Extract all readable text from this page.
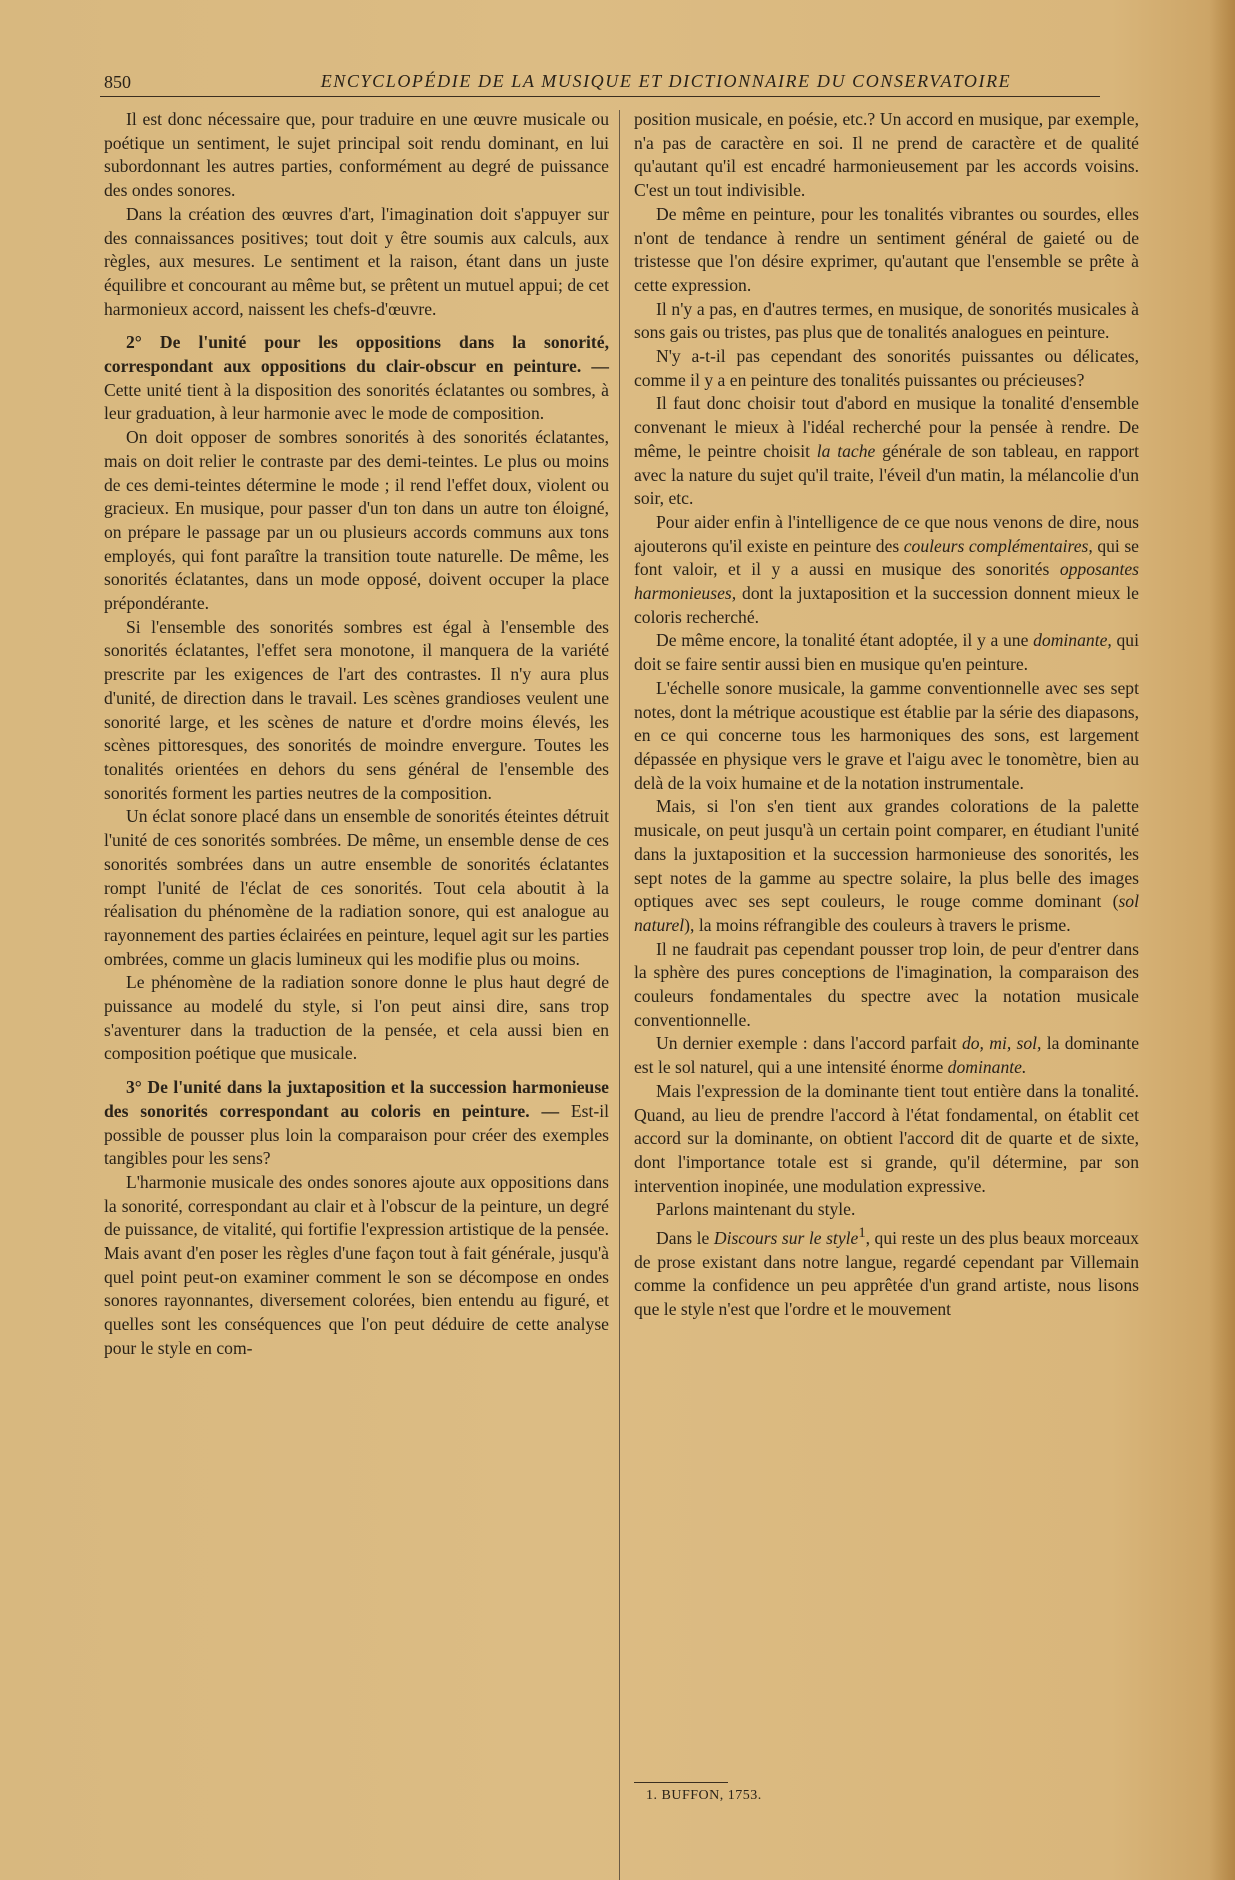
850	ENCYCLOPÉDIE DE LA MUSIQUE ET DICTIONNAIRE DU CONSERVATOIRE

Il est donc nécessaire que, pour traduire en une œuvre musicale ou poétique un sentiment, le sujet principal soit rendu dominant, en lui subordonnant les autres parties, conformément au degré de puissance des ondes sonores.

Dans la création des œuvres d'art, l'imagination doit s'appuyer sur des connaissances positives; tout doit y être soumis aux calculs, aux règles, aux mesures. Le sentiment et la raison, étant dans un juste équilibre et concourant au même but, se prêtent un mutuel appui; de cet harmonieux accord, naissent les chefs-d'œuvre.

2° De l'unité pour les oppositions dans la sonorité, correspondant aux oppositions du clair-obscur en peinture. — Cette unité tient à la disposition des sonorités éclatantes ou sombres, à leur graduation, à leur harmonie avec le mode de composition.

On doit opposer de sombres sonorités à des sonorités éclatantes, mais on doit relier le contraste par des demi-teintes. Le plus ou moins de ces demi-teintes détermine le mode ; il rend l'effet doux, violent ou gracieux. En musique, pour passer d'un ton dans un autre ton éloigné, on prépare le passage par un ou plusieurs accords communs aux tons employés, qui font paraître la transition toute naturelle. De même, les sonorités éclatantes, dans un mode opposé, doivent occuper la place prépondérante.

Si l'ensemble des sonorités sombres est égal à l'ensemble des sonorités éclatantes, l'effet sera monotone, il manquera de la variété prescrite par les exigences de l'art des contrastes. Il n'y aura plus d'unité, de direction dans le travail. Les scènes grandioses veulent une sonorité large, et les scènes de nature et d'ordre moins élevés, les scènes pittoresques, des sonorités de moindre envergure. Toutes les tonalités orientées en dehors du sens général de l'ensemble des sonorités forment les parties neutres de la composition.

Un éclat sonore placé dans un ensemble de sonorités éteintes détruit l'unité de ces sonorités sombrées. De même, un ensemble dense de ces sonorités sombrées dans un autre ensemble de sonorités éclatantes rompt l'unité de l'éclat de ces sonorités. Tout cela aboutit à la réalisation du phénomène de la radiation sonore, qui est analogue au rayonnement des parties éclairées en peinture, lequel agit sur les parties ombrées, comme un glacis lumineux qui les modifie plus ou moins.

Le phénomène de la radiation sonore donne le plus haut degré de puissance au modelé du style, si l'on peut ainsi dire, sans trop s'aventurer dans la traduction de la pensée, et cela aussi bien en composition poétique que musicale.

3° De l'unité dans la juxtaposition et la succession harmonieuse des sonorités correspondant au coloris en peinture. — Est-il possible de pousser plus loin la comparaison pour créer des exemples tangibles pour les sens?

L'harmonie musicale des ondes sonores ajoute aux oppositions dans la sonorité, correspondant au clair et à l'obscur de la peinture, un degré de puissance, de vitalité, qui fortifie l'expression artistique de la pensée. Mais avant d'en poser les règles d'une façon tout à fait générale, jusqu'à quel point peut-on examiner comment le son se décompose en ondes sonores rayonnantes, diversement colorées, bien entendu au figuré, et quelles sont les conséquences que l'on peut déduire de cette analyse pour le style en com-

position musicale, en poésie, etc.? Un accord en musique, par exemple, n'a pas de caractère en soi. Il ne prend de caractère et de qualité qu'autant qu'il est encadré harmonieusement par les accords voisins. C'est un tout indivisible.

De même en peinture, pour les tonalités vibrantes ou sourdes, elles n'ont de tendance à rendre un sentiment général de gaieté ou de tristesse que l'on désire exprimer, qu'autant que l'ensemble se prête à cette expression.

Il n'y a pas, en d'autres termes, en musique, de sonorités musicales à sons gais ou tristes, pas plus que de tonalités analogues en peinture.

N'y a-t-il pas cependant des sonorités puissantes ou délicates, comme il y a en peinture des tonalités puissantes ou précieuses?

Il faut donc choisir tout d'abord en musique la tonalité d'ensemble convenant le mieux à l'idéal recherché pour la pensée à rendre. De même, le peintre choisit la tache générale de son tableau, en rapport avec la nature du sujet qu'il traite, l'éveil d'un matin, la mélancolie d'un soir, etc.

Pour aider enfin à l'intelligence de ce que nous venons de dire, nous ajouterons qu'il existe en peinture des couleurs complémentaires, qui se font valoir, et il y a aussi en musique des sonorités opposantes harmonieuses, dont la juxtaposition et la succession donnent mieux le coloris recherché.

De même encore, la tonalité étant adoptée, il y a une dominante, qui doit se faire sentir aussi bien en musique qu'en peinture.

L'échelle sonore musicale, la gamme conventionnelle avec ses sept notes, dont la métrique acoustique est établie par la série des diapasons, en ce qui concerne tous les harmoniques des sons, est largement dépassée en physique vers le grave et l'aigu avec le tonomètre, bien au delà de la voix humaine et de la notation instrumentale.

Mais, si l'on s'en tient aux grandes colorations de la palette musicale, on peut jusqu'à un certain point comparer, en étudiant l'unité dans la juxtaposition et la succession harmonieuse des sonorités, les sept notes de la gamme au spectre solaire, la plus belle des images optiques avec ses sept couleurs, le rouge comme dominant (sol naturel), la moins réfrangible des couleurs à travers le prisme.

Il ne faudrait pas cependant pousser trop loin, de peur d'entrer dans la sphère des pures conceptions de l'imagination, la comparaison des couleurs fondamentales du spectre avec la notation musicale conventionnelle.

Un dernier exemple : dans l'accord parfait do, mi, sol, la dominante est le sol naturel, qui a une intensité énorme dominante.

Mais l'expression de la dominante tient tout entière dans la tonalité. Quand, au lieu de prendre l'accord à l'état fondamental, on établit cet accord sur la dominante, on obtient l'accord dit de quarte et de sixte, dont l'importance totale est si grande, qu'il détermine, par son intervention inopinée, une modulation expressive.

Parlons maintenant du style.

Dans le Discours sur le style$^1$, qui reste un des plus beaux morceaux de prose existant dans notre langue, regardé cependant par Villemain comme la confidence un peu apprêtée d'un grand artiste, nous lisons que le style n'est que l'ordre et le mouvement

1. BUFFON, 1753.
